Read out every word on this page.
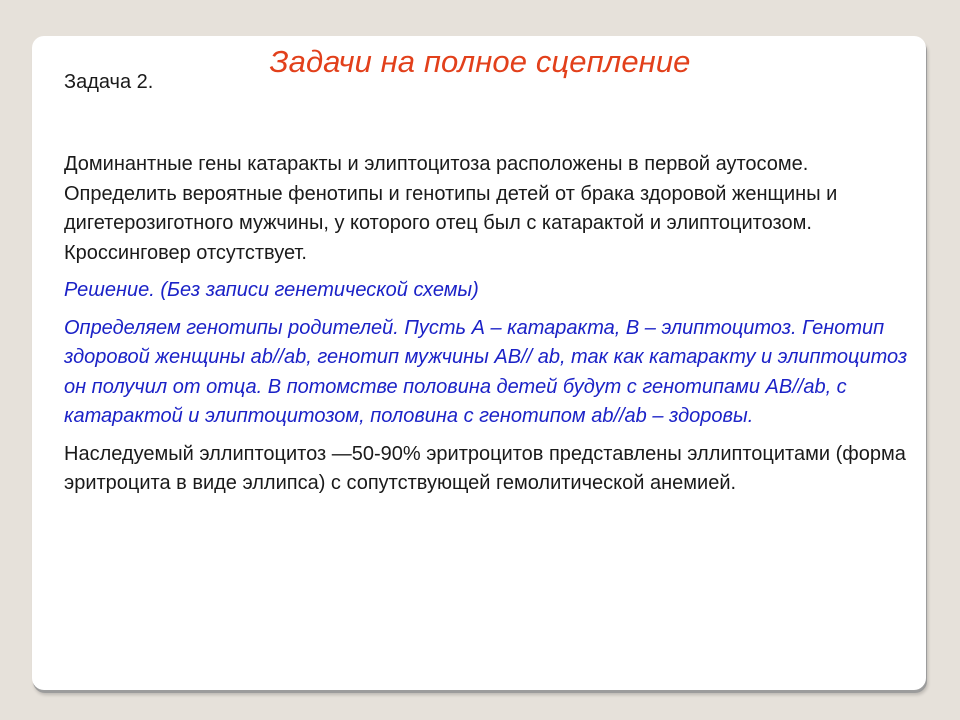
Задачи на полное сцепление
Задача 2.

Доминантные гены катаракты и элиптоцитоза расположены в первой аутосоме. Определить вероятные фенотипы и генотипы детей от брака здоровой женщины и дигетерозиготного мужчины, у которого отец был с катарактой и элиптоцитозом. Кроссинговер отсутствует.

Решение. (Без записи генетической схемы)

Определяем генотипы родителей. Пусть А – катаракта, В – элиптоцитоз. Генотип здоровой женщины ab//ab, генотип мужчины АВ// ab, так как катаракту и элиптоцитоз он получил от отца. В потомстве половина детей будут с генотипами АВ//ab, с катарактой и элиптоцитозом, половина с генотипом ab//ab – здоровы.

Наследуемый эллиптоцитоз —50-90% эритроцитов представлены эллиптоцитами (форма эритроцита в виде эллипса) с сопутствующей гемолитической анемией.
